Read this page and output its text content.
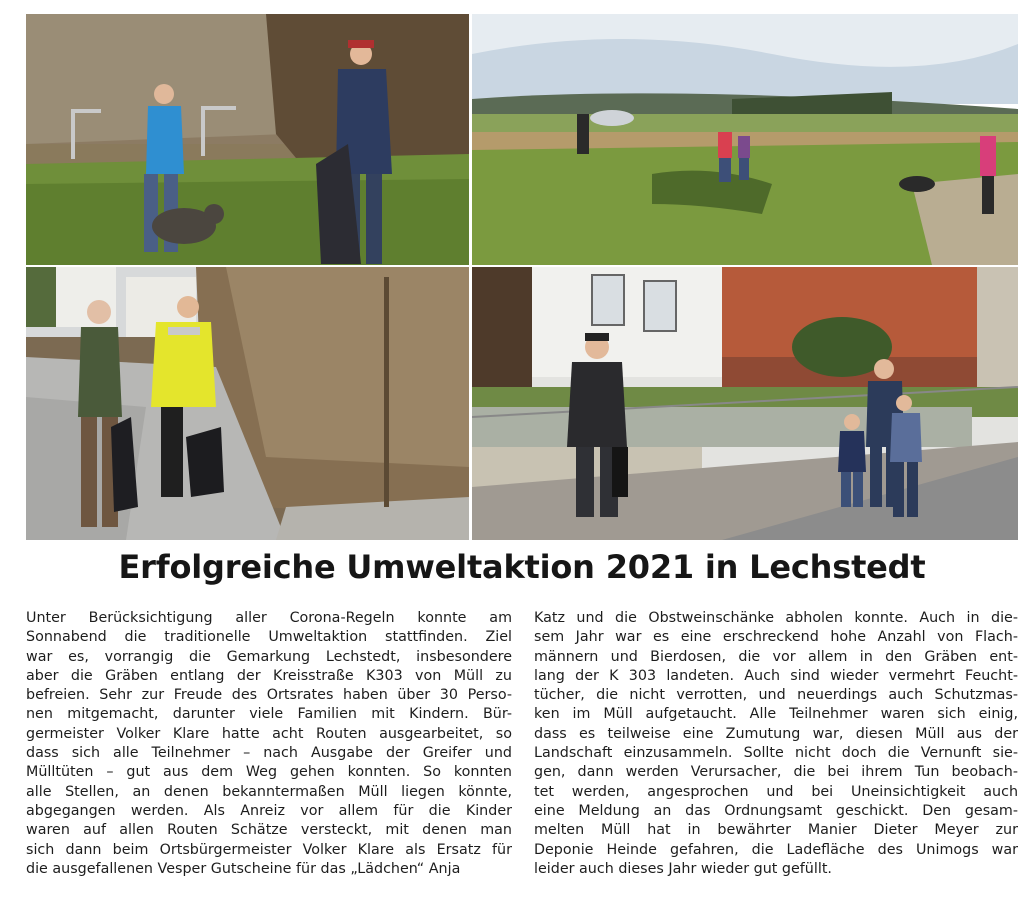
Erfolgreiche Umweltaktion 2021 in Lechstedt
Unter Berücksichtigung aller Corona-Regeln konnte am
Sonnabend die traditionelle Umweltaktion stattfinden. Ziel
war es, vorrangig die Gemarkung Lechstedt, insbesondere
aber die Gräben entlang der Kreisstraße K303 von Müll zu
befreien. Sehr zur Freude des Ortsrates haben über 30 Perso-
nen mitgemacht, darunter viele Familien mit Kindern. Bür-
germeister Volker Klare hatte acht Routen ausgearbeitet, so
dass sich alle Teilnehmer – nach Ausgabe der Greifer und
Mülltüten – gut aus dem Weg gehen konnten. So konnten
alle Stellen, an denen bekanntermaßen Müll liegen könnte,
abgegangen werden. Als Anreiz vor allem für die Kinder
waren auf allen Routen Schätze versteckt, mit denen man
sich dann beim Ortsbürgermeister Volker Klare als Ersatz für
die ausgefallenen Vesper Gutscheine für das „Lädchen“ Anja
Katz und die Obstweinschänke abholen konnte. Auch in die-
sem Jahr war es eine erschreckend hohe Anzahl von Flach-
männern und Bierdosen, die vor allem in den Gräben ent-
lang der K 303 landeten. Auch sind wieder vermehrt Feucht-
tücher, die nicht verrotten, und neuerdings auch Schutzmas-
ken im Müll aufgetaucht. Alle Teilnehmer waren sich einig,
dass es teilweise eine Zumutung war, diesen Müll aus der
Landschaft einzusammeln. Sollte nicht doch die Vernunft sie-
gen, dann werden Verursacher, die bei ihrem Tun beobach-
tet werden, angesprochen und bei Uneinsichtigkeit auch
eine Meldung an das Ordnungsamt geschickt. Den gesam-
melten Müll hat in bewährter Manier Dieter Meyer zur
Deponie Heinde gefahren, die Ladefläche des Unimogs war
leider auch dieses Jahr wieder gut gefüllt.
